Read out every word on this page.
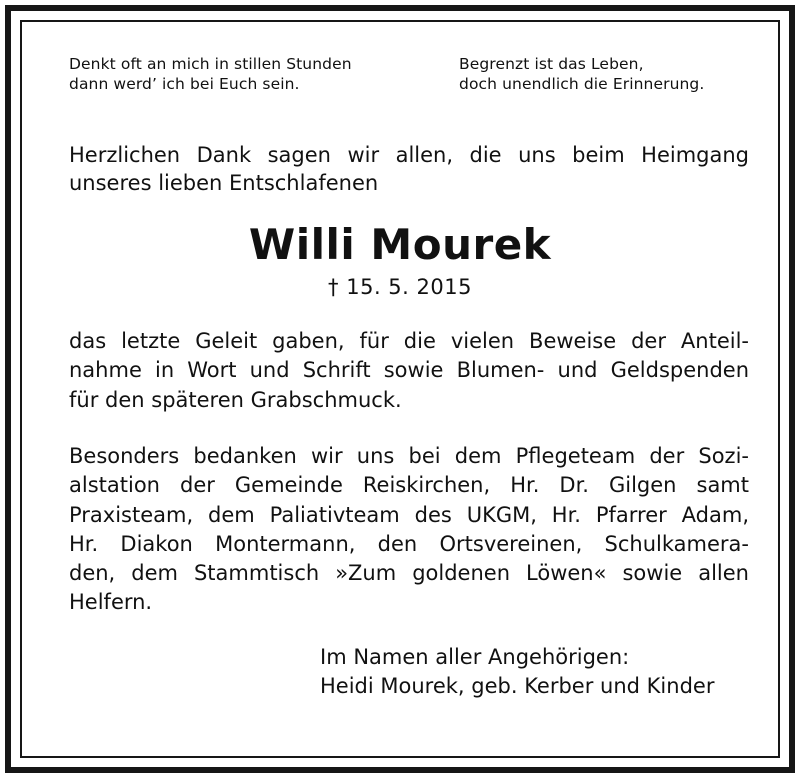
Denkt oft an mich in stillen Stunden
dann werd’ ich bei Euch sein.
Begrenzt ist das Leben,
doch unendlich die Erinnerung.
Herzlichen Dank sagen wir allen, die uns beim Heimgang
unseres lieben Entschlafenen
Willi Mourek
† 15. 5. 2015
das letzte Geleit gaben, für die vielen Beweise der Anteil-
nahme in Wort und Schrift sowie Blumen- und Geldspenden
für den späteren Grabschmuck.
Besonders bedanken wir uns bei dem Pflegeteam der Sozi-
alstation der Gemeinde Reiskirchen, Hr. Dr. Gilgen samt
Praxisteam, dem Paliativteam des UKGM, Hr. Pfarrer Adam,
Hr. Diakon Montermann, den Ortsvereinen, Schulkamera-
den, dem Stammtisch »Zum goldenen Löwen« sowie allen
Helfern.
Im Namen aller Angehörigen:
Heidi Mourek, geb. Kerber und Kinder
